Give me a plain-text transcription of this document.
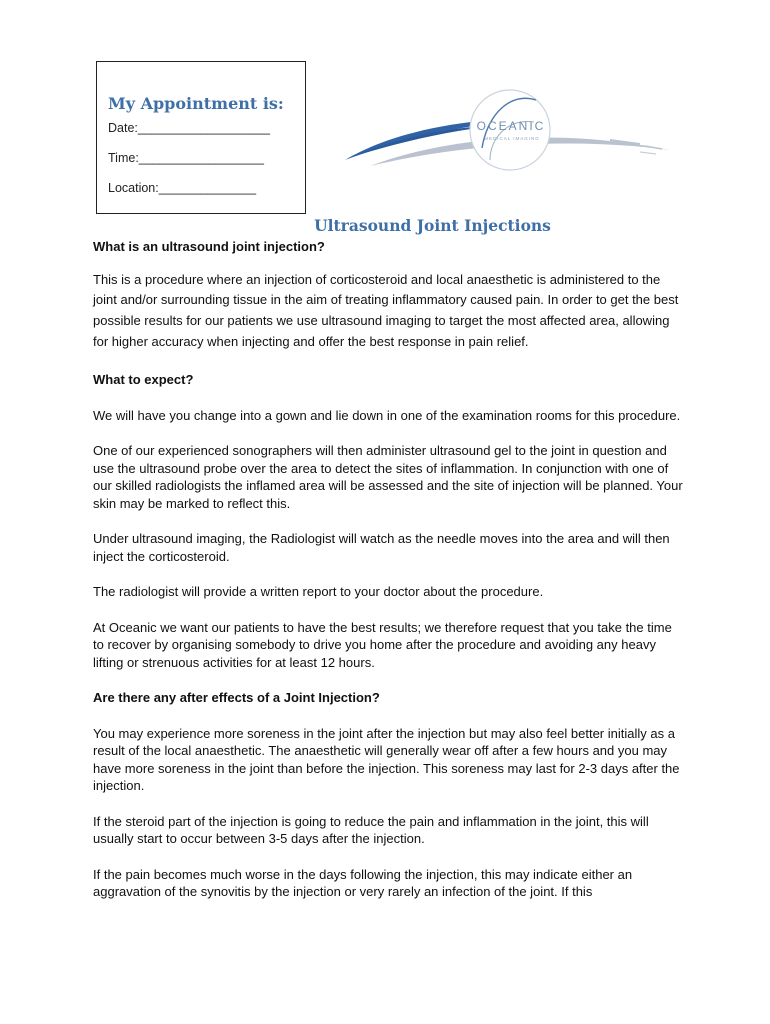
My Appointment is:
Date:___________________
Time:__________________
Location:______________
OCEANIC
MEDICAL IMAGING
Ultrasound Joint Injections

What is an ultrasound joint injection?

This is a procedure where an injection of corticosteroid and local anaesthetic is administered to the joint and/or surrounding tissue in the aim of treating inflammatory caused pain. In order to get the best possible results for our patients we use ultrasound imaging to target the most affected area, allowing for higher accuracy when injecting and offer the best response in pain relief.

What to expect?

We will have you change into a gown and lie down in one of the examination rooms for this procedure.

One of our experienced sonographers will then administer ultrasound gel to the joint in question and use the ultrasound probe over the area to detect the sites of inflammation. In conjunction with one of our skilled radiologists the inflamed area will be assessed and the site of injection will be planned. Your skin may be marked to reflect this.

Under ultrasound imaging, the Radiologist will watch as the needle moves into the area and will then inject the corticosteroid.

The radiologist will provide a written report to your doctor about the procedure.

At Oceanic we want our patients to have the best results; we therefore request that you take the time to recover by organising somebody to drive you home after the procedure and avoiding any heavy lifting or strenuous activities for at least 12 hours.

Are there any after effects of a Joint Injection?

You may experience more soreness in the joint after the injection but may also feel better initially as a result of the local anaesthetic. The anaesthetic will generally wear off after a few hours and you may have more soreness in the joint than before the injection. This soreness may last for 2-3 days after the injection.

If the steroid part of the injection is going to reduce the pain and inflammation in the joint, this will usually start to occur between 3-5 days after the injection.

If the pain becomes much worse in the days following the injection, this may indicate either an aggravation of the synovitis by the injection or very rarely an infection of the joint. If this
